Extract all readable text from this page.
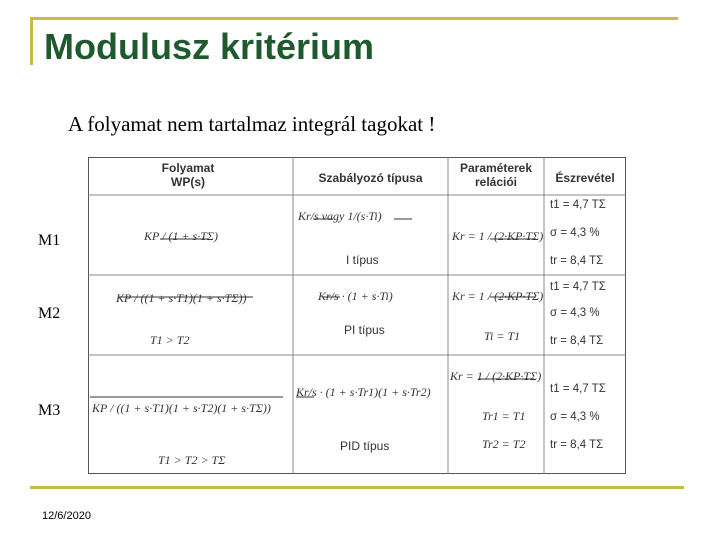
Modulusz kritérium
A folyamat nem tartalmaz integrál tagokat !
M1
M2
M3
Folyamat
WP(s)	Szabályozó típusa
Paraméterek
relációi	Észrevétel
KP / (1 + s·TΣ)
Kr/s vagy 1/(s·Ti)
I típus
Kr = 1 / (2·KP·TΣ)
t1 = 4,7 TΣ
σ = 4,3 %
tr = 8,4 TΣ
KP / ((1 + s·T1)(1 + s·TΣ))
T1 > T2
Kr/s · (1 + s·Ti)
PI típus
Kr = 1 / (2·KP·TΣ)
Ti = T1
t1 = 4,7 TΣ
σ = 4,3 %
tr = 8,4 TΣ
KP / ((1 + s·T1)(1 + s·T2)(1 + s·TΣ))
T1 > T2 > TΣ
Kr/s · (1 + s·Tr1)(1 + s·Tr2)
PID típus
Kr = 1 / (2·KP·TΣ)
Tr1 = T1
Tr2 = T2
t1 = 4,7 TΣ
σ = 4,3 %
tr = 8,4 TΣ
12/6/2020
